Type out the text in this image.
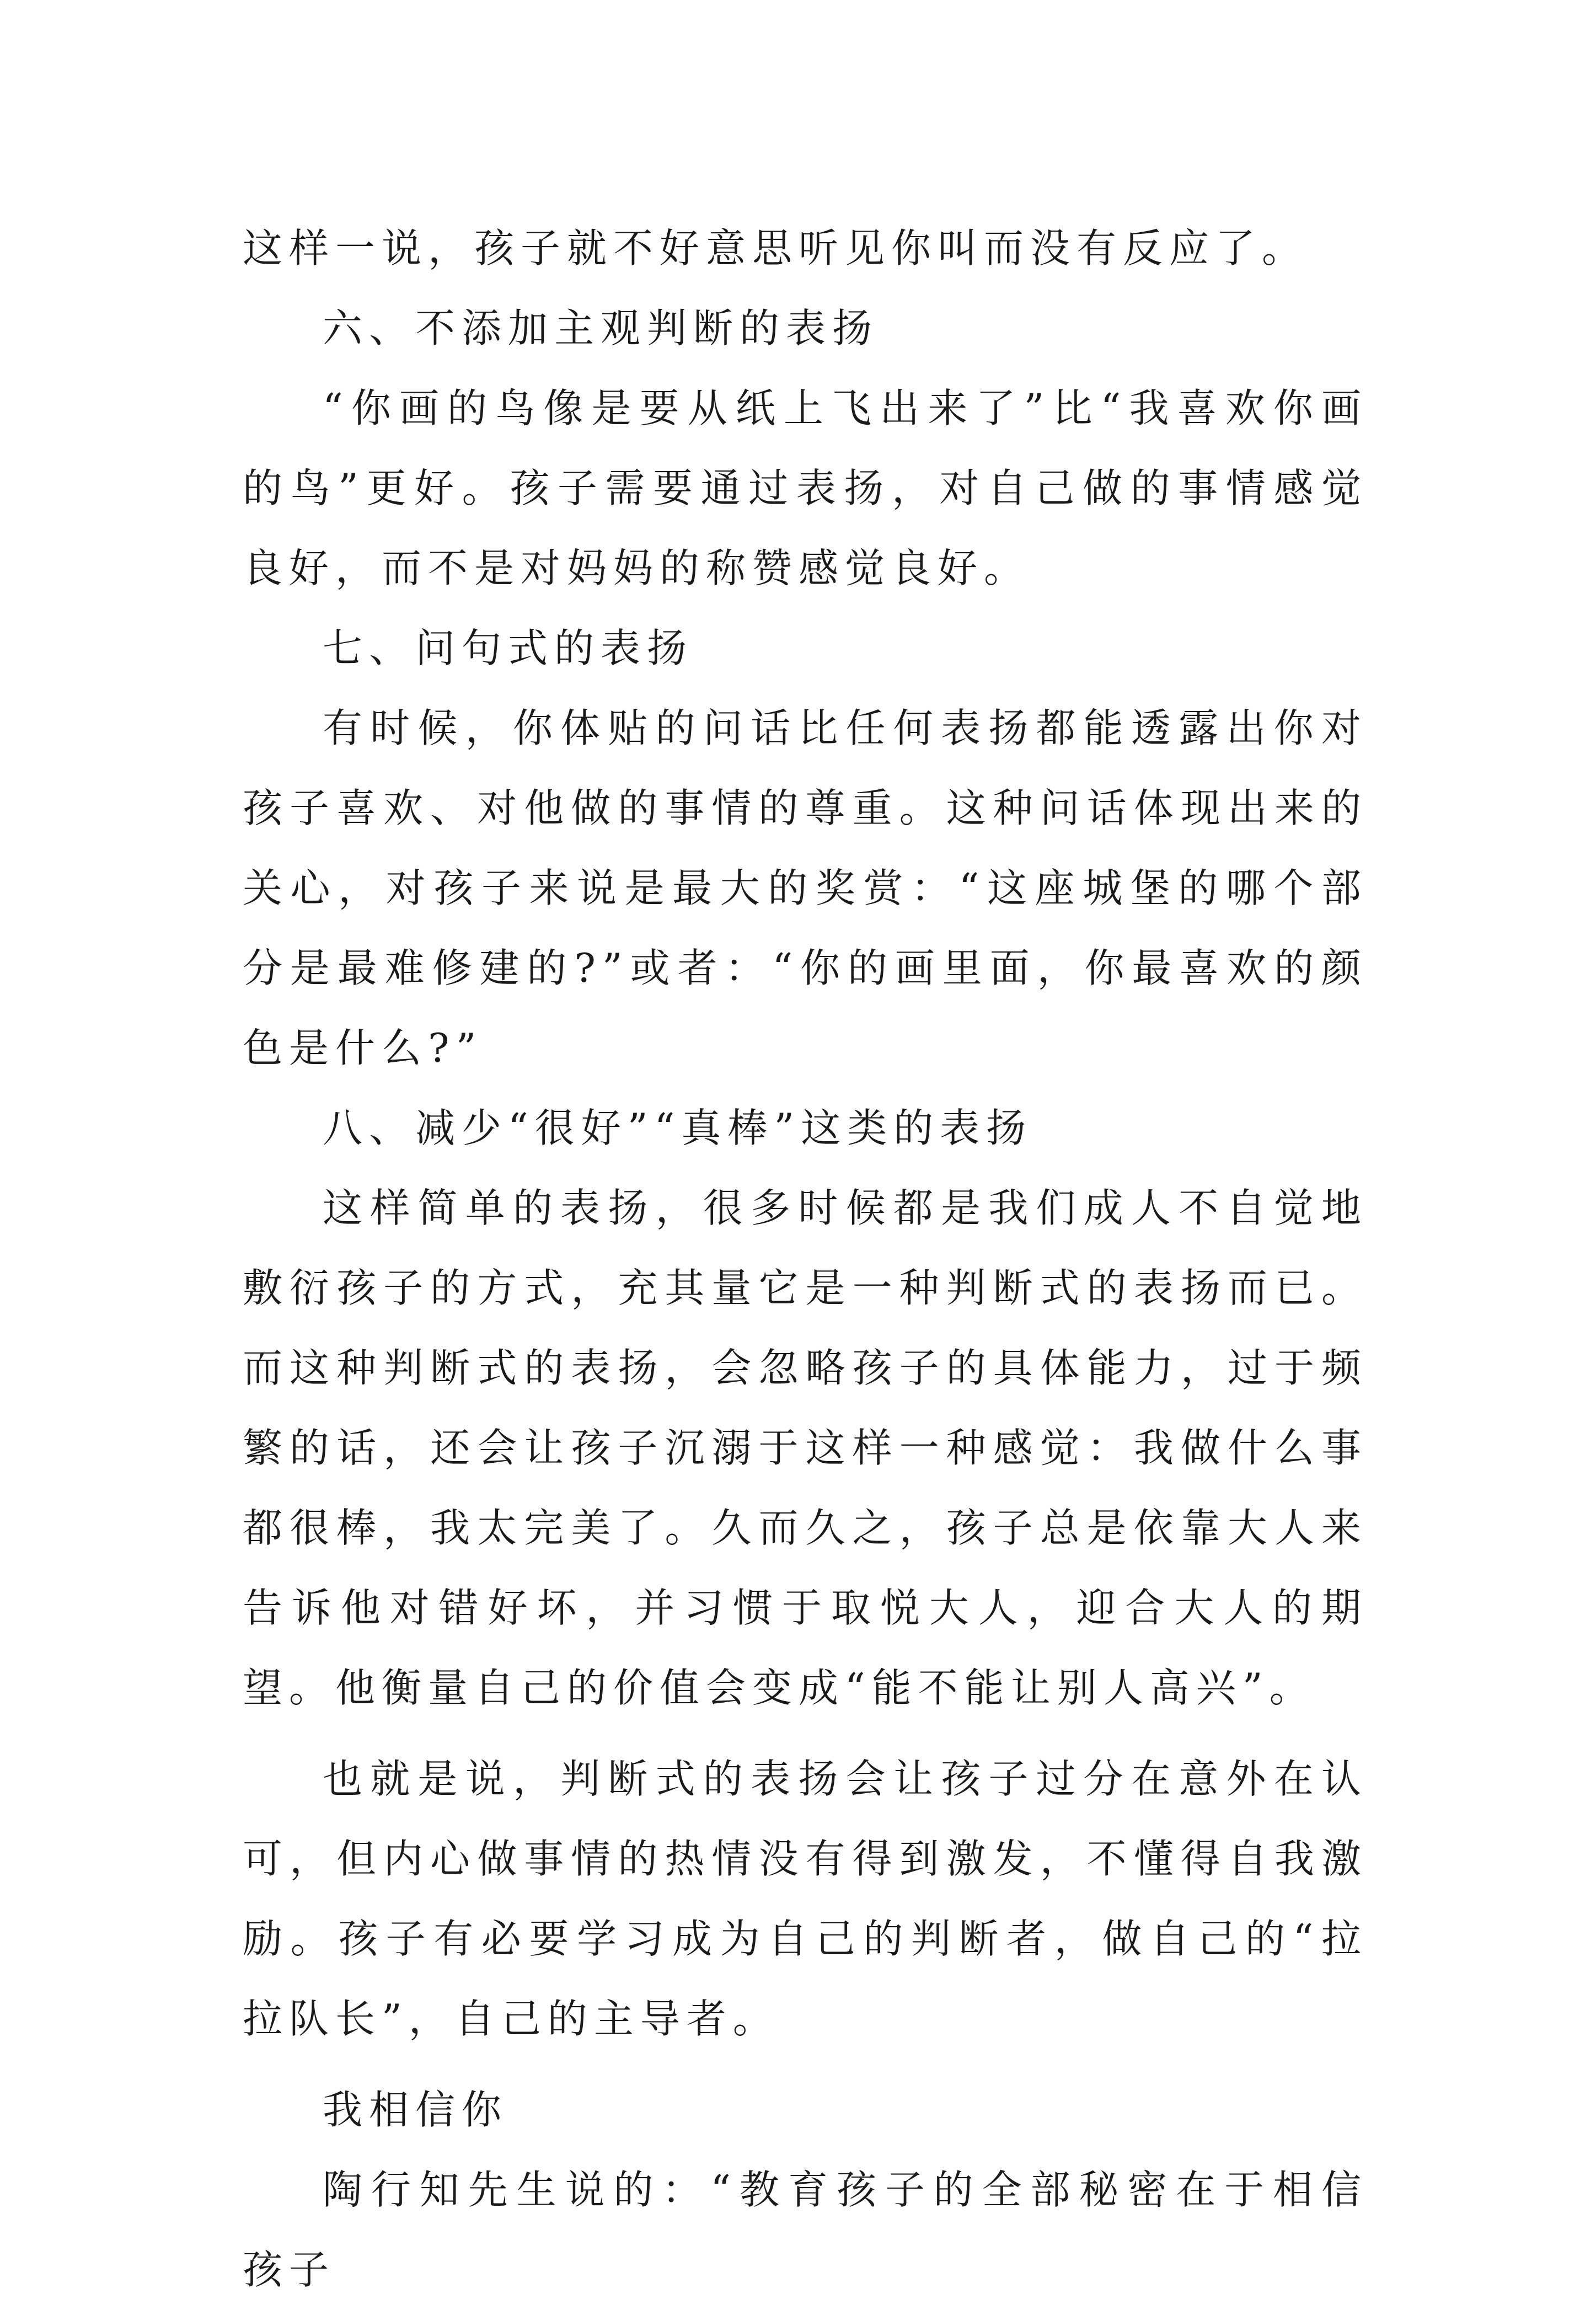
这样一说，孩子就不好意思听见你叫而没有反应了。

六、不添加主观判断的表扬

“你画的鸟像是要从纸上飞出来了”比“我喜欢你画的鸟”更好。孩子需要通过表扬，对自己做的事情感觉良好，而不是对妈妈的称赞感觉良好。

七、问句式的表扬

有时候，你体贴的问话比任何表扬都能透露出你对孩子喜欢、对他做的事情的尊重。这种问话体现出来的关心，对孩子来说是最大的奖赏：“这座城堡的哪个部分是最难修建的?”或者：“你的画里面，你最喜欢的颜色是什么?”

八、减少“很好”“真棒”这类的表扬

这样简单的表扬，很多时候都是我们成人不自觉地敷衍孩子的方式，充其量它是一种判断式的表扬而已。而这种判断式的表扬，会忽略孩子的具体能力，过于频繁的话，还会让孩子沉溺于这样一种感觉：我做什么事都很棒，我太完美了。久而久之，孩子总是依靠大人来告诉他对错好坏，并习惯于取悦大人，迎合大人的期望。他衡量自己的价值会变成“能不能让别人高兴”。

也就是说，判断式的表扬会让孩子过分在意外在认可，但内心做事情的热情没有得到激发，不懂得自我激励。孩子有必要学习成为自己的判断者，做自己的“拉拉队长”，自己的主导者。

我相信你

陶行知先生说的：“教育孩子的全部秘密在于相信孩子
